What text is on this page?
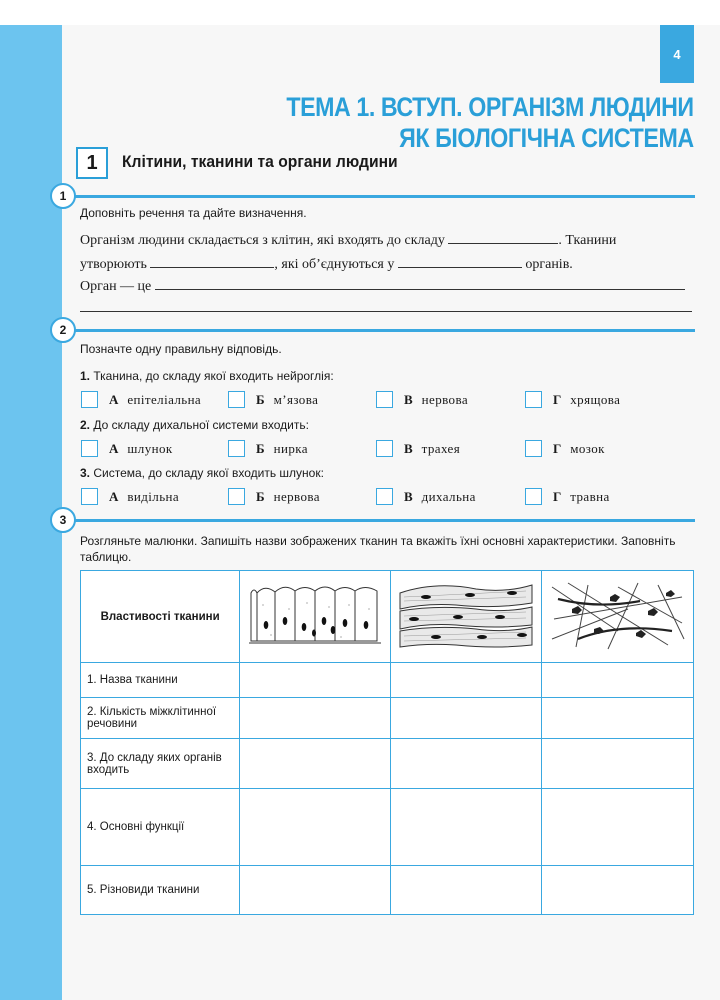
4
ТЕМА 1. ВСТУП. ОРГАНІЗМ ЛЮДИНИ
ЯК БІОЛОГІЧНА СИСТЕМА
1	Клітини, тканини та органи людини
1
Доповніть речення та дайте визначення.
Організм людини складається з клітин, які входять до складу	. Тканини
утворюють	, які об’єднуються у	органів.
Орган — це
2
Позначте одну правильну відповідь.
1. Тканина, до складу якої входить нейроглія:
А епітеліальна	Б м’язова	В нервова	Г хрящова
2. До складу дихальної системи входить:
А шлунок	Б нирка	В трахея	Г мозок
3. Система, до складу якої входить шлунок:
А видільна	Б нервова	В дихальна	Г травна
3
Розгляньте малюнки. Запишіть назви зображених тканин та вкажіть їхні основні характеристики. Заповніть
таблицю.
Властивості тканини			
1. Назва тканини			
2. Кількість міжклітинної речовини			
3. До складу яких органів входить			
4. Основні функції			
5. Різновиди тканини			
